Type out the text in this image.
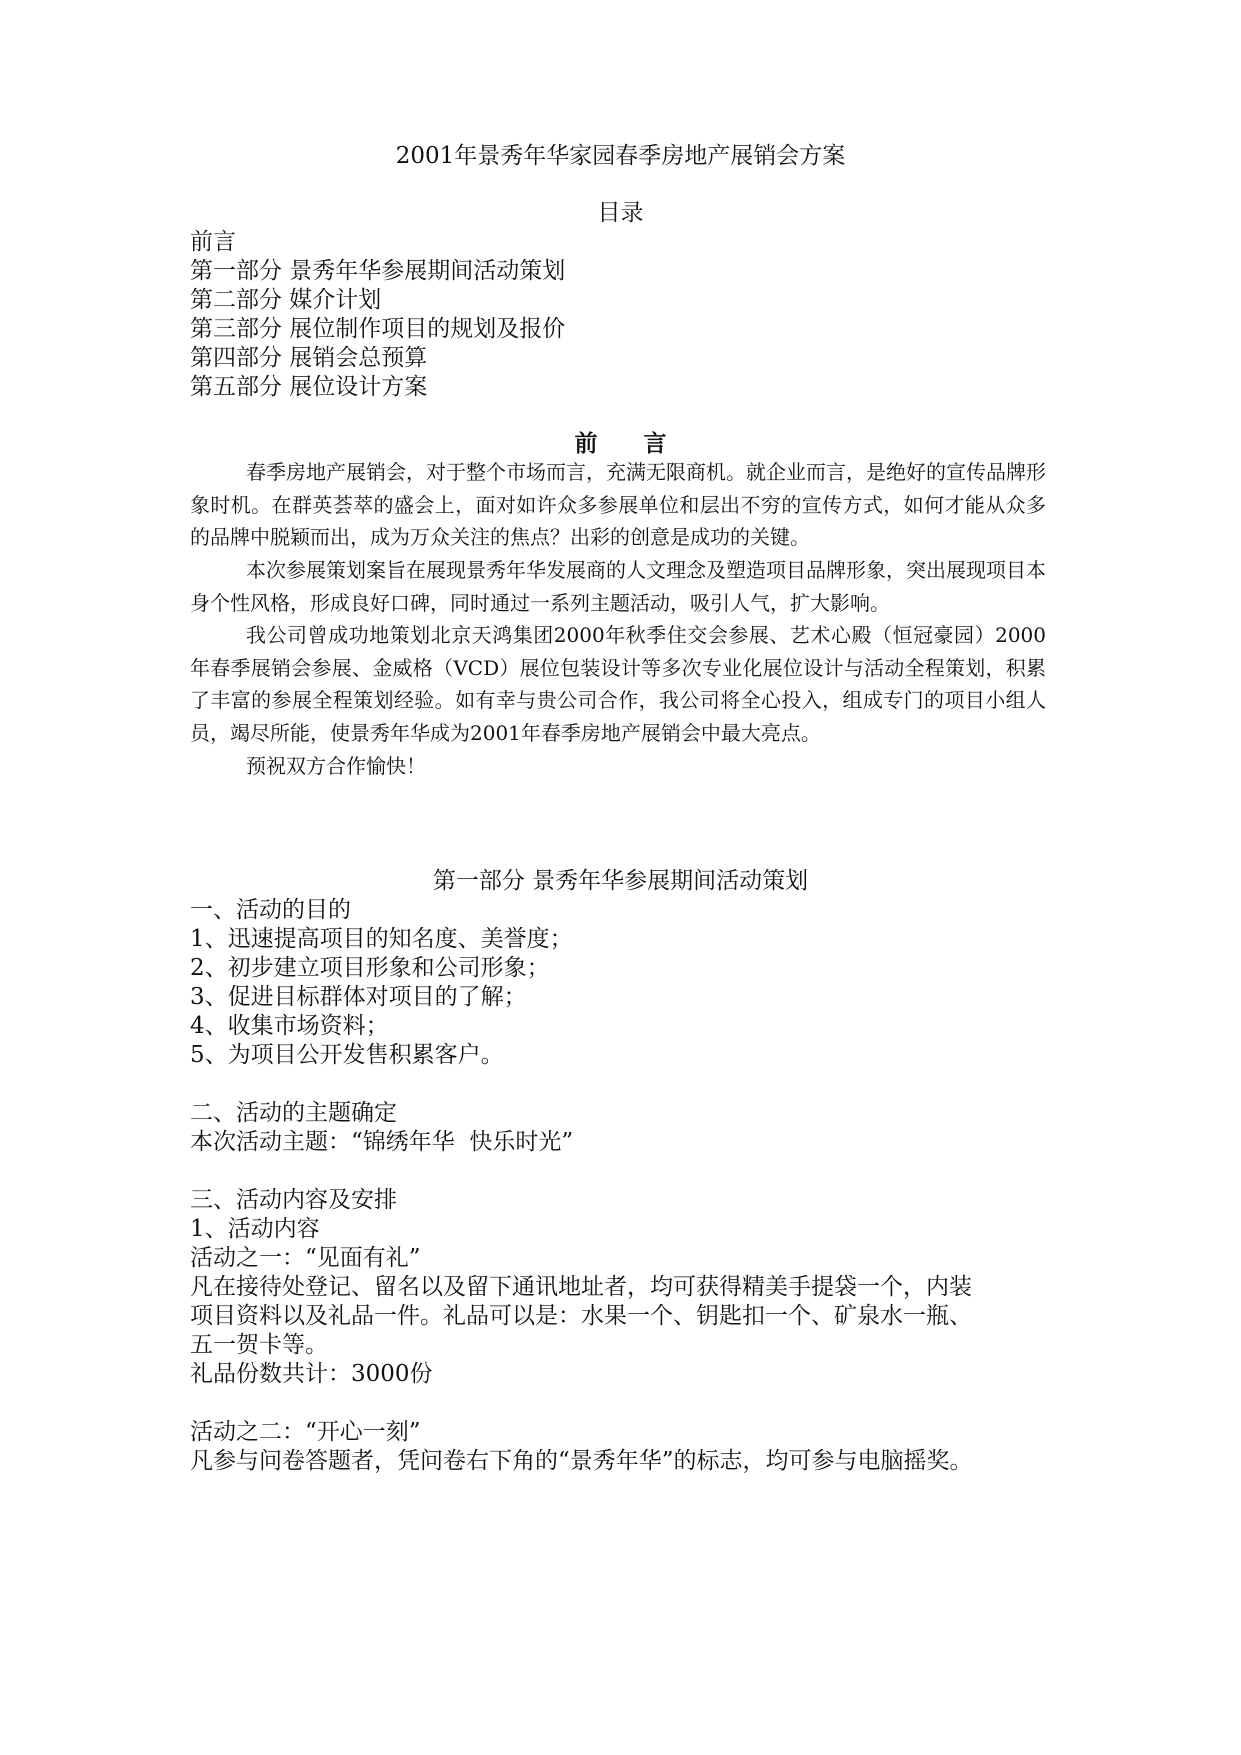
2001年景秀年华家园春季房地产展销会方案
目录
前言
第一部分 景秀年华参展期间活动策划
第二部分 媒介计划
第三部分 展位制作项目的规划及报价
第四部分 展销会总预算
第五部分 展位设计方案
前言
春季房地产展销会，对于整个市场而言，充满无限商机。就企业而言，是绝好的宣传品牌形象时机。在群英荟萃的盛会上，面对如许众多参展单位和层出不穷的宣传方式，如何才能从众多的品牌中脱颖而出，成为万众关注的焦点？出彩的创意是成功的关键。
本次参展策划案旨在展现景秀年华发展商的人文理念及塑造项目品牌形象，突出展现项目本身个性风格，形成良好口碑，同时通过一系列主题活动，吸引人气，扩大影响。
我公司曾成功地策划北京天鸿集团2000年秋季住交会参展、艺术心殿（恒冠豪园）2000年春季展销会参展、金威格（VCD）展位包装设计等多次专业化展位设计与活动全程策划，积累了丰富的参展全程策划经验。如有幸与贵公司合作，我公司将全心投入，组成专门的项目小组人员，竭尽所能，使景秀年华成为2001年春季房地产展销会中最大亮点。
预祝双方合作愉快！
第一部分 景秀年华参展期间活动策划
一、活动的目的
1、迅速提高项目的知名度、美誉度；
2、初步建立项目形象和公司形象；
3、促进目标群体对项目的了解；
4、收集市场资料；
5、为项目公开发售积累客户。
二、活动的主题确定
本次活动主题：“锦绣年华  快乐时光”
三、活动内容及安排
1、活动内容
活动之一：“见面有礼”
凡在接待处登记、留名以及留下通讯地址者，均可获得精美手提袋一个，内装
项目资料以及礼品一件。礼品可以是：水果一个、钥匙扣一个、矿泉水一瓶、
五一贺卡等。
礼品份数共计：3000份
活动之二：“开心一刻”
凡参与问卷答题者，凭问卷右下角的“景秀年华”的标志，均可参与电脑摇奖。
